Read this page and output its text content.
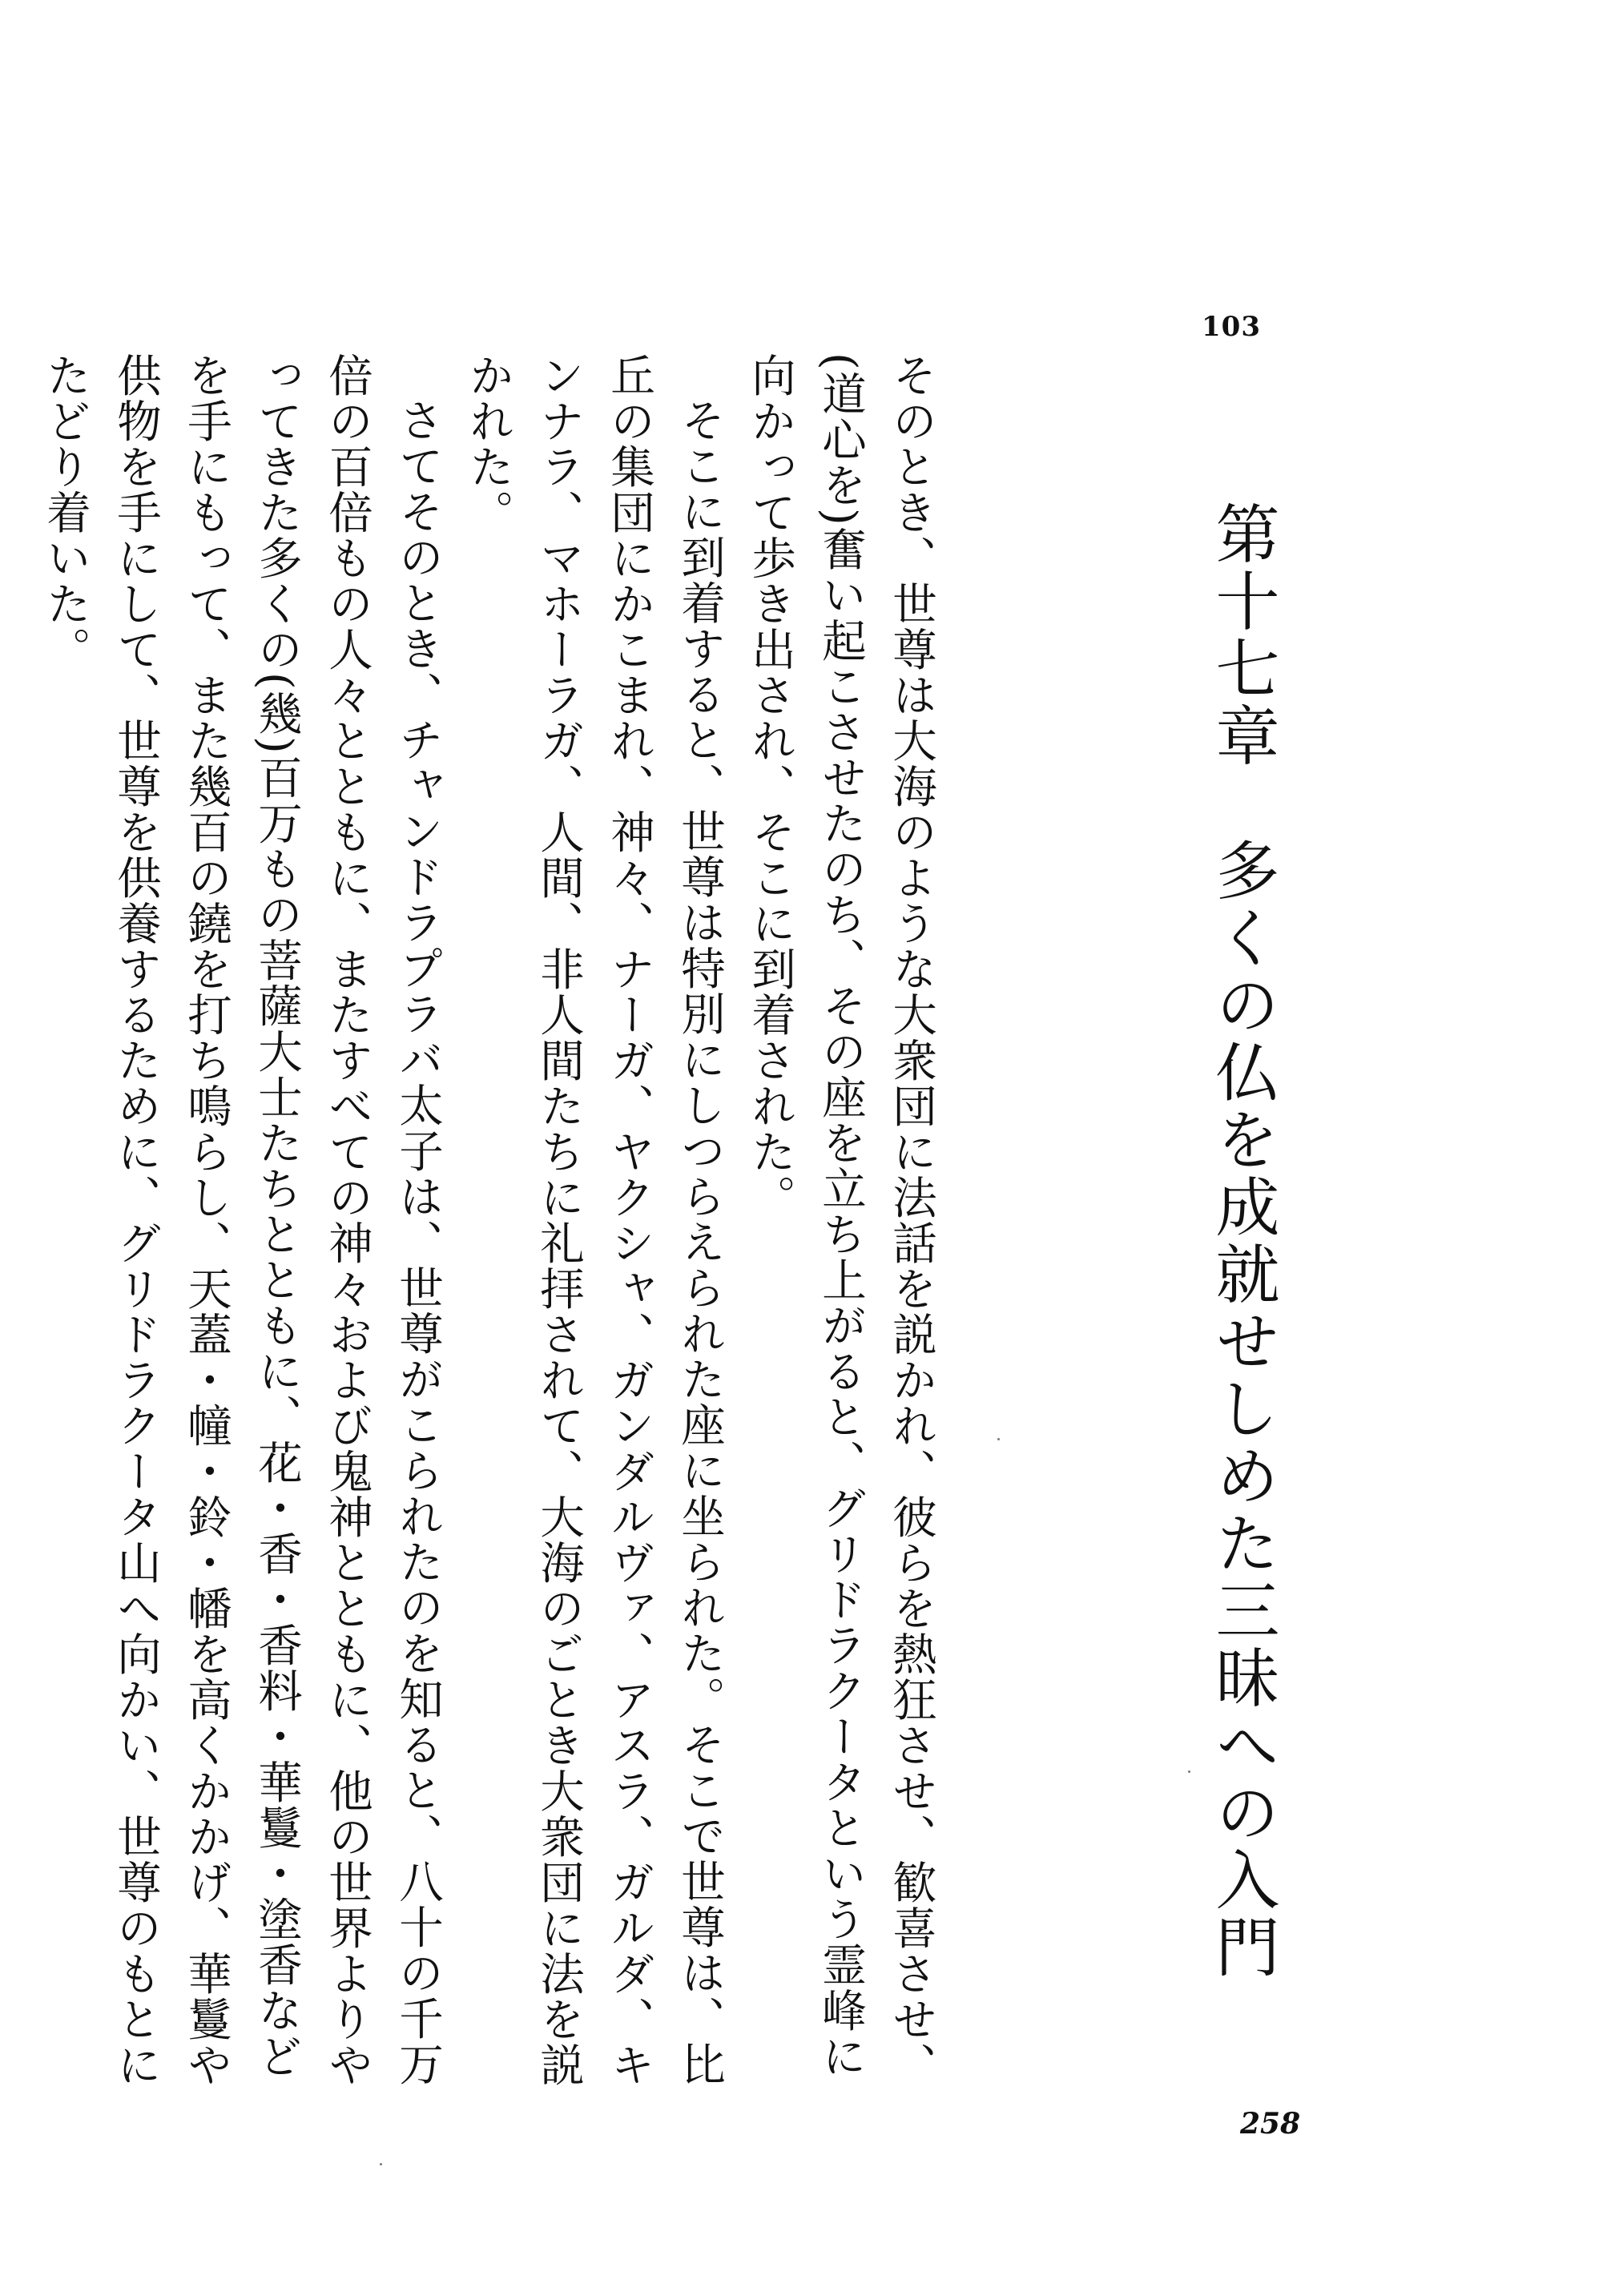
103
第十七章　多くの仏を成就せしめた三昧への入門

そのとき、世尊は大海のような大衆団に法話を説かれ、彼らを熱狂させ、歓喜させ、(道心を)奮い起こさせたのち、その座を立ち上がると、グリドラクータという霊峰に向かって歩き出され、そこに到着された。

そこに到着すると、世尊は特別にしつらえられた座に坐られた。そこで世尊は、比丘の集団にかこまれ、神々、ナーガ、ヤクシャ、ガンダルヴァ、アスラ、ガルダ、キンナラ、マホーラガ、人間、非人間たちに礼拝されて、大海のごとき大衆団に法を説かれた。

さてそのとき、チャンドラプラバ太子は、世尊がこられたのを知ると、八十の千万倍の百倍もの人々とともに、またすべての神々および鬼神とともに、他の世界よりやってきた多くの(幾)百万もの菩薩大士たちとともに、花・香・香料・華鬘・塗香などを手にもって、また幾百の鐃を打ち鳴らし、天蓋・幢・鈴・幡を高くかかげ、華鬘や供物を手にして、世尊を供養するために、グリドラクータ山へ向かい、世尊のもとにたどり着いた。

258
